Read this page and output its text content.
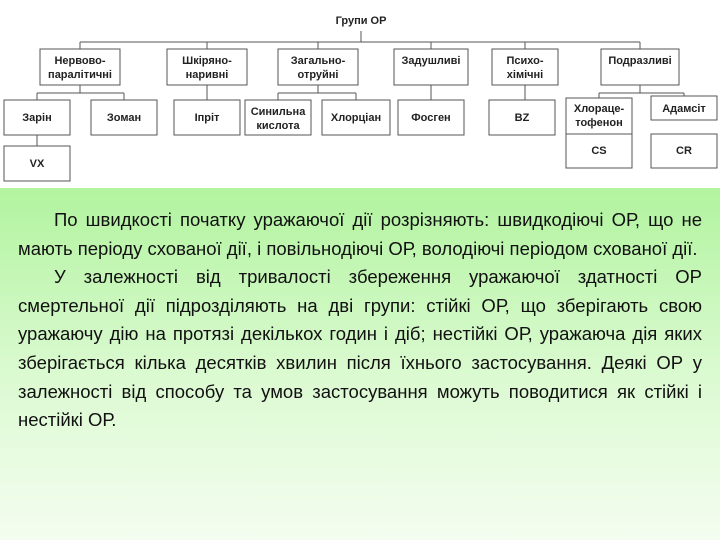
Групи ОР
Нервово-
паралітичні
Шкіряно-
наривні
Загально-
отруйні
Задушливі	Психо-
хімічні
Подразливі
Зарін	Зоман
VX
Іпріт	Синильна
кислота
Хлорціан	Фосген	BZ
Хлораце-
тофенон
Адамсіт
CS	CR

По швидкості початку уражаючої дії розрізняють: швидкодіючі ОР, що не мають періоду схованої дії, і повільнодіючі ОР, володіючі періодом схованої дії.

У залежності від тривалості збереження уражаючої здатності ОР смертельної дії підрозділяють на дві групи: стійкі ОР, що зберігають свою уражаючу дію на протязі декількох годин і діб; нестійкі ОР, уражаюча дія яких зберігається кілька десятків хвилин після їхнього застосування. Деякі ОР у залежності від способу та умов застосування можуть поводитися як стійкі і нестійкі ОР.
